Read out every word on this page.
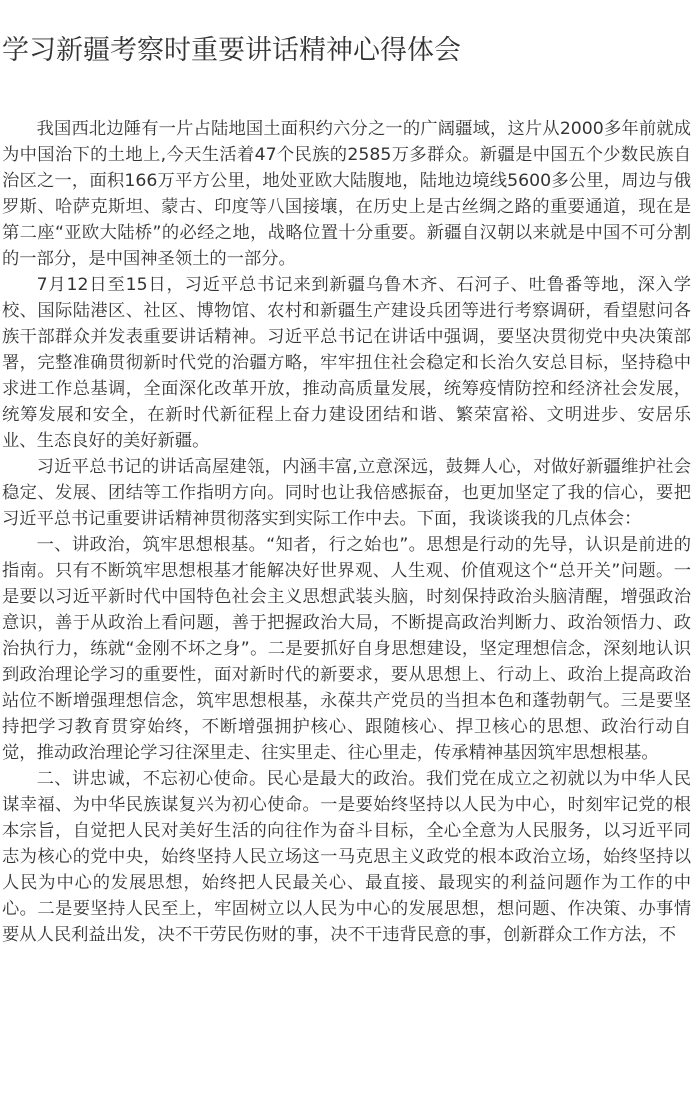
学习新疆考察时重要讲话精神心得体会

我国西北边陲有一片占陆地国土面积约六分之一的广阔疆域，这片从2000多年前就成为中国治下的土地上,今天生活着47个民族的2585万多群众。新疆是中国五个少数民族自治区之一，面积166万平方公里，地处亚欧大陆腹地，陆地边境线5600多公里，周边与俄罗斯、哈萨克斯坦、蒙古、印度等八国接壤，在历史上是古丝绸之路的重要通道，现在是第二座“亚欧大陆桥”的必经之地，战略位置十分重要。新疆自汉朝以来就是中国不可分割的一部分，是中国神圣领土的一部分。

7月12日至15日，习近平总书记来到新疆乌鲁木齐、石河子、吐鲁番等地，深入学校、国际陆港区、社区、博物馆、农村和新疆生产建设兵团等进行考察调研，看望慰问各族干部群众并发表重要讲话精神。习近平总书记在讲话中强调，要坚决贯彻党中央决策部署，完整准确贯彻新时代党的治疆方略，牢牢扭住社会稳定和长治久安总目标，坚持稳中求进工作总基调，全面深化改革开放，推动高质量发展，统筹疫情防控和经济社会发展，统筹发展和安全，在新时代新征程上奋力建设团结和谐、繁荣富裕、文明进步、安居乐业、生态良好的美好新疆。

习近平总书记的讲话高屋建瓴，内涵丰富,立意深远，鼓舞人心，对做好新疆维护社会稳定、发展、团结等工作指明方向。同时也让我倍感振奋，也更加坚定了我的信心，要把习近平总书记重要讲话精神贯彻落实到实际工作中去。下面，我谈谈我的几点体会：

一、讲政治，筑牢思想根基。“知者，行之始也”。思想是行动的先导，认识是前进的指南。只有不断筑牢思想根基才能解决好世界观、人生观、价值观这个“总开关”问题。一是要以习近平新时代中国特色社会主义思想武装头脑，时刻保持政治头脑清醒，增强政治意识，善于从政治上看问题，善于把握政治大局，不断提高政治判断力、政治领悟力、政治执行力，练就“金刚不坏之身”。二是要抓好自身思想建设，坚定理想信念，深刻地认识到政治理论学习的重要性，面对新时代的新要求，要从思想上、行动上、政治上提高政治站位不断增强理想信念，筑牢思想根基，永葆共产党员的当担本色和蓬勃朝气。三是要坚持把学习教育贯穿始终，不断增强拥护核心、跟随核心、捍卫核心的思想、政治行动自觉，推动政治理论学习往深里走、往实里走、往心里走，传承精神基因筑牢思想根基。

二、讲忠诚，不忘初心使命。民心是最大的政治。我们党在成立之初就以为中华人民谋幸福、为中华民族谋复兴为初心使命。一是要始终坚持以人民为中心，时刻牢记党的根本宗旨，自觉把人民对美好生活的向往作为奋斗目标，全心全意为人民服务，以习近平同志为核心的党中央，始终坚持人民立场这一马克思主义政党的根本政治立场，始终坚持以人民为中心的发展思想，始终把人民最关心、最直接、最现实的利益问题作为工作的中心。二是要坚持人民至上，牢固树立以人民为中心的发展思想，想问题、作决策、办事情要从人民利益出发，决不干劳民伤财的事，决不干违背民意的事，创新群众工作方法，不
